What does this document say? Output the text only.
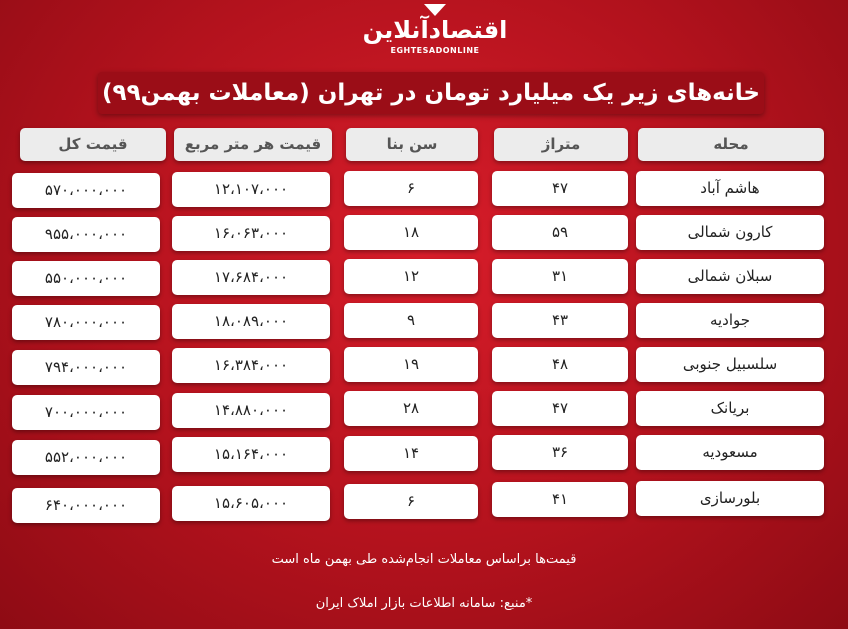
اقتصادآنلاین
EGHTESADONLINE
خانه‌های زیر یک میلیارد تومان در تهران (معاملات بهمن۹۹)
محله
متراژ
سن بنا
قیمت هر متر مربع
قیمت کل
هاشم آباد
۴۷
۶
۱۲،۱۰۷،۰۰۰
۵۷۰،۰۰۰،۰۰۰
کارون شمالی
۵۹
۱۸
۱۶،۰۶۳،۰۰۰
۹۵۵،۰۰۰،۰۰۰
سبلان شمالی
۳۱
۱۲
۱۷،۶۸۴،۰۰۰
۵۵۰،۰۰۰،۰۰۰
جوادیه
۴۳
۹
۱۸،۰۸۹،۰۰۰
۷۸۰،۰۰۰،۰۰۰
سلسبیل جنوبی
۴۸
۱۹
۱۶،۳۸۴،۰۰۰
۷۹۴،۰۰۰،۰۰۰
بریانک
۴۷
۲۸
۱۴،۸۸۰،۰۰۰
۷۰۰،۰۰۰،۰۰۰
مسعودیه
۳۶
۱۴
۱۵،۱۶۴،۰۰۰
۵۵۲،۰۰۰،۰۰۰
بلورسازی
۴۱
۶
۱۵،۶۰۵،۰۰۰
۶۴۰،۰۰۰،۰۰۰
قیمت‌ها براساس معاملات انجام‌شده طی بهمن ماه است
*منبع: سامانه اطلاعات بازار املاک ایران
